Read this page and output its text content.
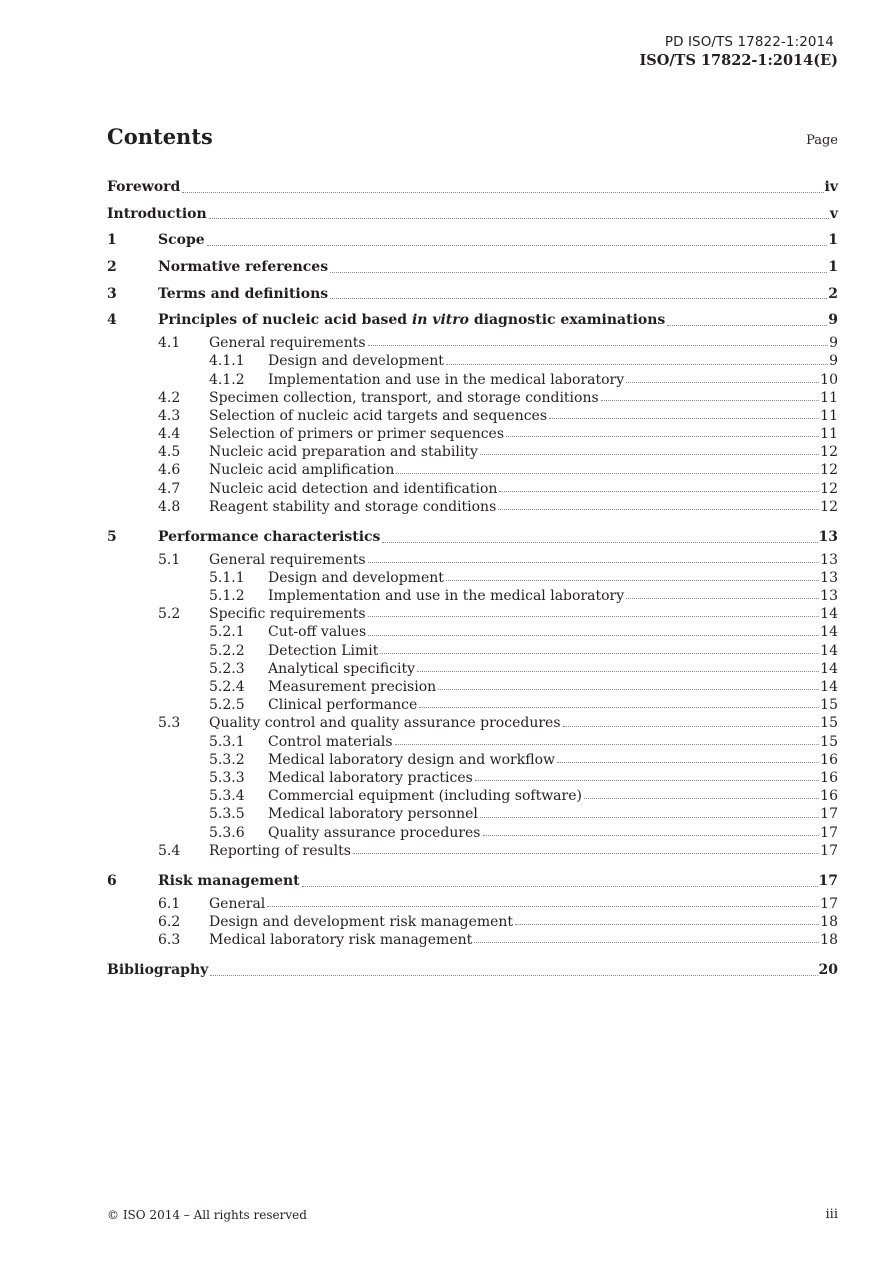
PD ISO/TS 17822-1:2014
ISO/TS 17822-1:2014(E)
Contents	Page
Foreword	iv
Introduction	v
1	Scope	1
2	Normative references	1
3	Terms and definitions	2
4	Principles of nucleic acid based in vitro diagnostic examinations	9
4.1 General requirements	9
4.1.1 Design and development	9
4.1.2 Implementation and use in the medical laboratory	10
4.2 Specimen collection, transport, and storage conditions	11
4.3 Selection of nucleic acid targets and sequences	11
4.4 Selection of primers or primer sequences	11
4.5 Nucleic acid preparation and stability	12
4.6 Nucleic acid amplification	12
4.7 Nucleic acid detection and identification	12
4.8 Reagent stability and storage conditions	12
5	Performance characteristics	13
5.1 General requirements	13
5.1.1 Design and development	13
5.1.2 Implementation and use in the medical laboratory	13
5.2 Specific requirements	14
5.2.1 Cut-off values	14
5.2.2 Detection Limit	14
5.2.3 Analytical specificity	14
5.2.4 Measurement precision	14
5.2.5 Clinical performance	15
5.3 Quality control and quality assurance procedures	15
5.3.1 Control materials	15
5.3.2 Medical laboratory design and workflow	16
5.3.3 Medical laboratory practices	16
5.3.4 Commercial equipment (including software)	16
5.3.5 Medical laboratory personnel	17
5.3.6 Quality assurance procedures	17
5.4 Reporting of results	17
6	Risk management	17
6.1 General	17
6.2 Design and development risk management	18
6.3 Medical laboratory risk management	18
Bibliography	20
© ISO 2014 – All rights reserved	iii
